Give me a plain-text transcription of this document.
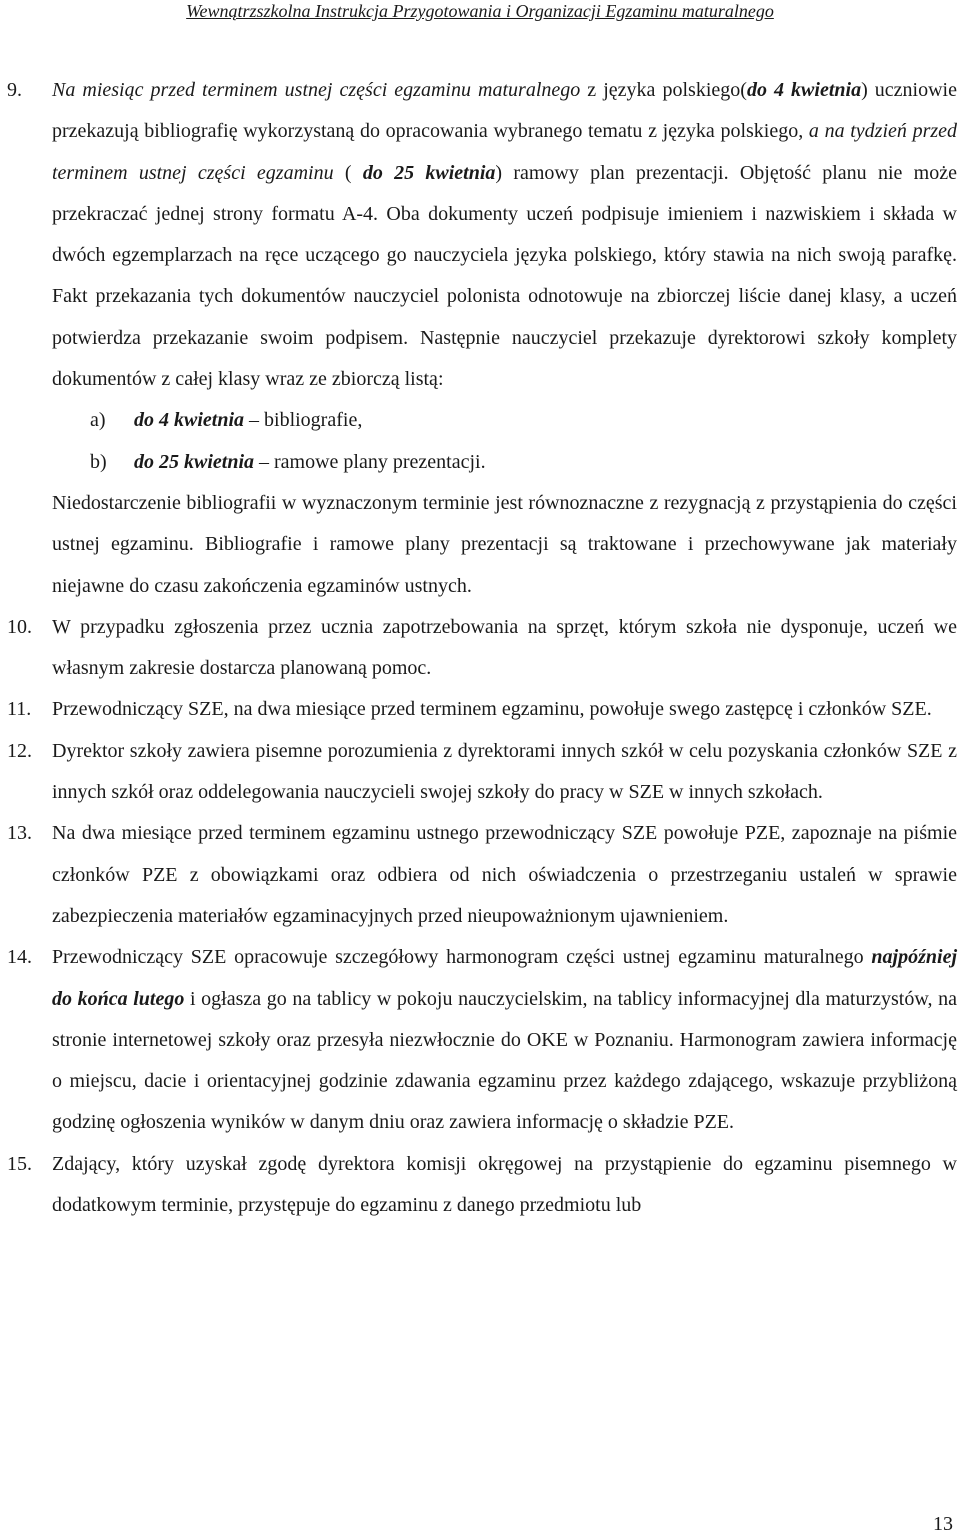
Wewnątrzszkolna Instrukcja Przygotowania i Organizacji Egzaminu maturalnego
9. Na miesiąc przed terminem ustnej części egzaminu maturalnego z języka polskiego(do 4 kwietnia) uczniowie przekazują bibliografię wykorzystaną do opracowania wybranego tematu z języka polskiego, a na tydzień przed terminem ustnej części egzaminu ( do 25 kwietnia) ramowy plan prezentacji. Objętość planu nie może przekraczać jednej strony formatu A-4. Oba dokumenty uczeń podpisuje imieniem i nazwiskiem i składa w dwóch egzemplarzach na ręce uczącego go nauczyciela języka polskiego, który stawia na nich swoją parafkę. Fakt przekazania tych dokumentów nauczyciel polonista odnotowuje na zbiorczej liście danej klasy, a uczeń potwierdza przekazanie swoim podpisem. Następnie nauczyciel przekazuje dyrektorowi szkoły komplety dokumentów z całej klasy wraz ze zbiorczą listą:
a) do 4 kwietnia – bibliografie,
b) do 25 kwietnia – ramowe plany prezentacji.
Niedostarczenie bibliografii w wyznaczonym terminie jest równoznaczne z rezygnacją z przystąpienia do części ustnej egzaminu. Bibliografie i ramowe plany prezentacji są traktowane i przechowywane jak materiały niejawne do czasu zakończenia egzaminów ustnych.
10. W przypadku zgłoszenia przez ucznia zapotrzebowania na sprzęt, którym szkoła nie dysponuje, uczeń we własnym zakresie dostarcza planowaną pomoc.
11. Przewodniczący SZE, na dwa miesiące przed terminem egzaminu, powołuje swego zastępcę i członków SZE.
12. Dyrektor szkoły zawiera pisemne porozumienia z dyrektorami innych szkół w celu pozyskania członków SZE z innych szkół oraz oddelegowania nauczycieli swojej szkoły do pracy w SZE w innych szkołach.
13. Na dwa miesiące przed terminem egzaminu ustnego przewodniczący SZE powołuje PZE, zapoznaje na piśmie członków PZE z obowiązkami oraz odbiera od nich oświadczenia o przestrzeganiu ustaleń w sprawie zabezpieczenia materiałów egzaminacyjnych przed nieupoważnionym ujawnieniem.
14. Przewodniczący SZE opracowuje szczegółowy harmonogram części ustnej egzaminu maturalnego najpóźniej do końca lutego i ogłasza go na tablicy w pokoju nauczycielskim, na tablicy informacyjnej dla maturzystów, na stronie internetowej szkoły oraz przesyła niezwłocznie do OKE w Poznaniu. Harmonogram zawiera informację o miejscu, dacie i orientacyjnej godzinie zdawania egzaminu przez każdego zdającego, wskazuje przybliżoną godzinę ogłoszenia wyników w danym dniu oraz zawiera informację o składzie PZE.
15. Zdający, który uzyskał zgodę dyrektora komisji okręgowej na przystąpienie do egzaminu pisemnego w dodatkowym terminie, przystępuje do egzaminu z danego przedmiotu lub
13
